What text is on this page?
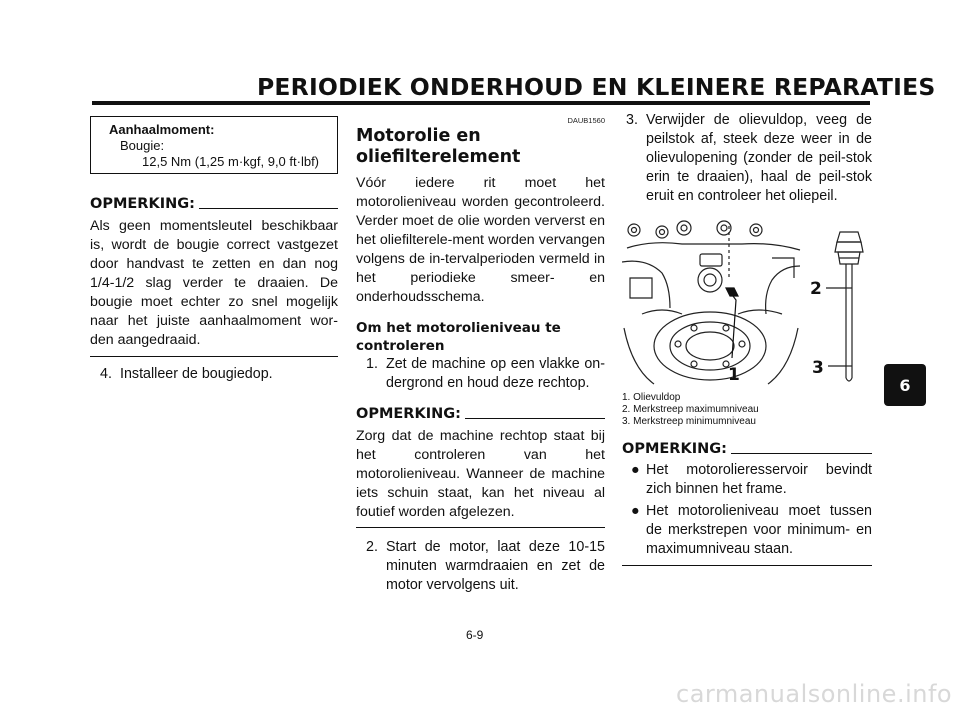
PERIODIEK ONDERHOUD EN KLEINERE REPARATIES
Aanhaalmoment:
Bougie:
12,5 Nm (1,25 m·kgf, 9,0 ft·lbf)
OPMERKING:
Als geen momentsleutel beschikbaar is, wordt de bougie correct vastgezet door handvast te zetten en dan nog 1/4-1/2 slag verder te draaien. De bougie moet echter zo snel mogelijk naar het juiste aanhaalmoment wor-den aangedraaid.
4. Installeer de bougiedop.
DAUB1560
Motorolie en
oliefilterelement
Vóór iedere rit moet het motorolieniveau worden gecontroleerd. Verder moet de olie worden ververst en het oliefilterele-ment worden vervangen volgens de in-tervalperioden vermeld in het periodieke smeer- en onderhoudsschema.
Om het motorolieniveau te
controleren
1. Zet de machine op een vlakke on-dergrond en houd deze rechtop.
OPMERKING:
Zorg dat de machine rechtop staat bij het controleren van het motorolieniveau. Wanneer de machine iets schuin staat, kan het niveau al foutief worden afgelezen.
2. Start de motor, laat deze 10-15 minuten warmdraaien en zet de motor vervolgens uit.
3. Verwijder de olievuldop, veeg de peilstok af, steek deze weer in de olievulopening (zonder de peil-stok erin te draaien), haal de peil-stok eruit en controleer het oliepeil.
1
2
3
1. Olievuldop
2. Merkstreep maximumniveau
3. Merkstreep minimumniveau
OPMERKING:
● Het motorolieresservoir bevindt zich binnen het frame.
● Het motorolieniveau moet tussen de merkstrepen voor minimum- en maximumniveau staan.
6
6-9
carmanualsonline.info
